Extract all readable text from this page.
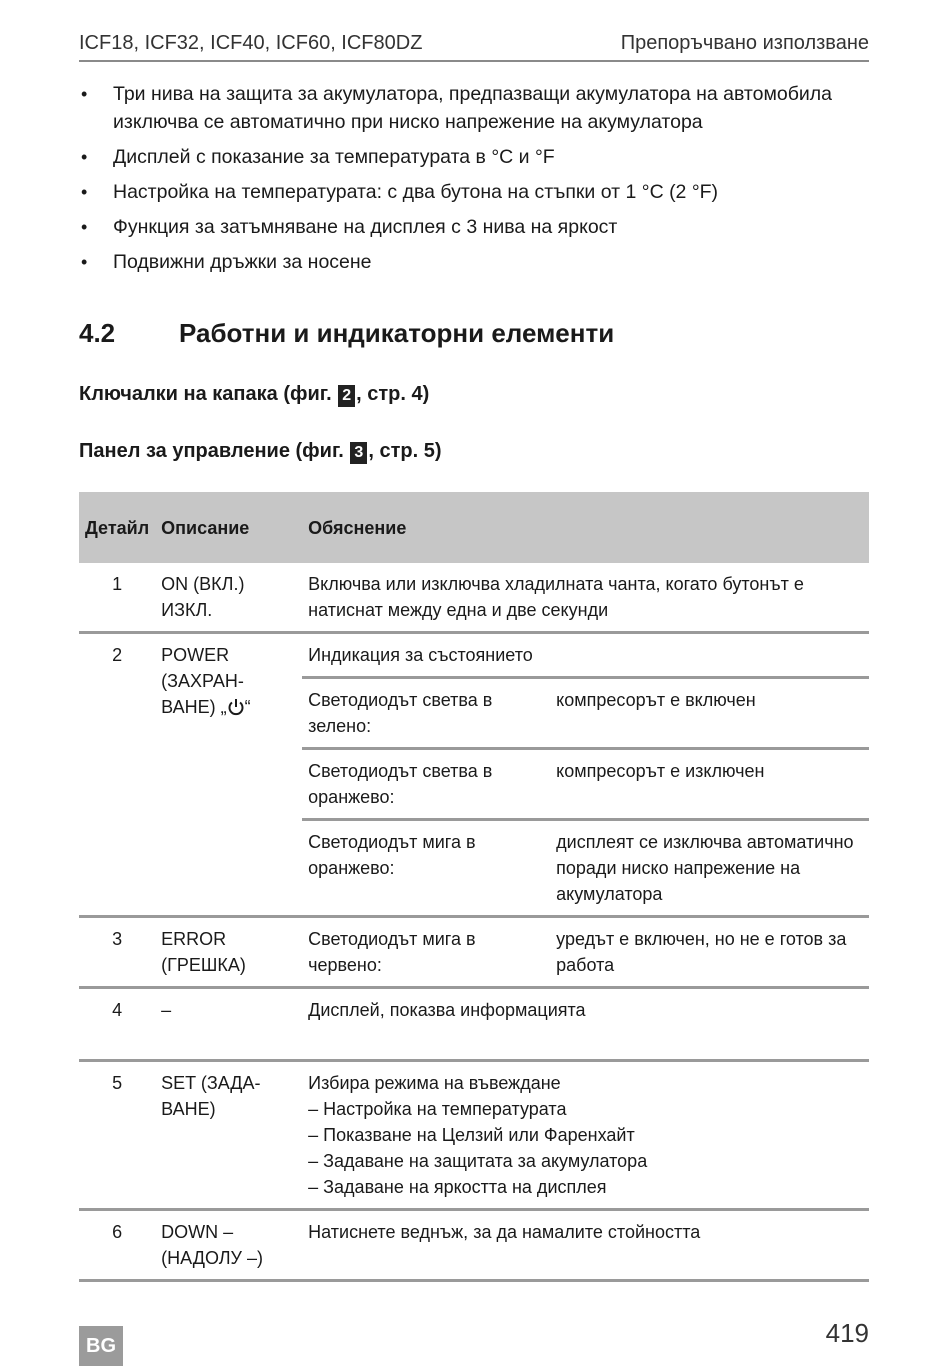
ICF18, ICF32, ICF40, ICF60, ICF80DZ	Препоръчвано използване
• Три нива на защита за акумулатора, предпазващи акумулатора на автомобила изключва се автоматично при ниско напрежение на акумулатора
• Дисплей с показание за температурата в °C и °F
• Настройка на температурата: с два бутона на стъпки от 1 °C (2 °F)
• Функция за затъмняване на дисплея с 3 нива на яркост
• Подвижни дръжки за носене
4.2 Работни и индикаторни елементи
Ключалки на капака (фиг. 2 , стр. 4)
Панел за управление (фиг. 3 , стр. 5)
Детайл	Описание	Обяснение	
1	ON (ВКЛ.) ИЗКЛ.	Включва или изключва хладилната чанта, когато бутонът е натиснат между една и две секунди	
2	POWER (ЗАХРАН-ВАНЕ) „ “	Индикация за състоянието	
		Светодиодът светва в зелено:	компресорът е включен
		Светодиодът светва в оранжево:	компресорът е изключен
		Светодиодът мига в оранжево:	дисплеят се изключва автоматично поради ниско напрежение на акумулатора
3	ERROR (ГРЕШКА)	Светодиодът мига в червено:	уредът е включен, но не е готов за работа
4	–	Дисплей, показва информацията	
5	SET (ЗАДА-ВАНЕ)	Избира режима на въвеждане
– Настройка на температурата
– Показване на Целзий или Фаренхайт
– Задаване на защитата за акумулатора
– Задаване на яркостта на дисплея	

6	DOWN – (НАДОЛУ –)	Натиснете веднъж, за да намалите стойността	
BG	419
